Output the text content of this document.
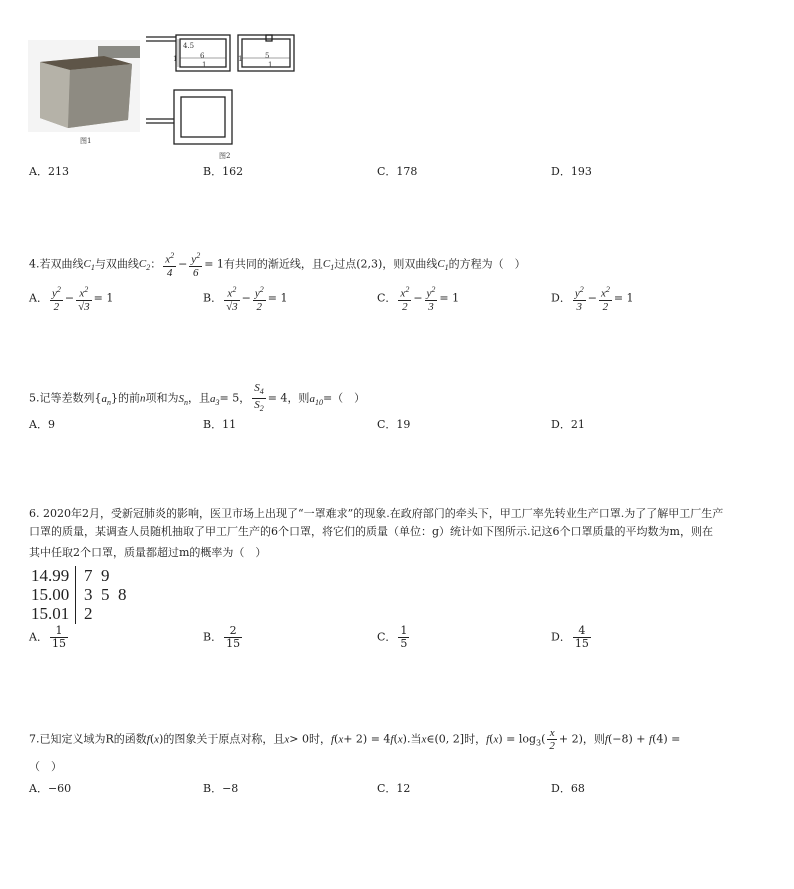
图1
4.5
6	5
1	1
1	1
图2
A．213	B．162	C．178	D．193
4.若双曲线$C_1$与双曲线$C_2$： $\frac{x^2}{4} - \frac{y^2}{6} = 1$有共同的渐近线，且$C_1$过点(2,3)，则双曲线$C_1$的方程为（　）
A． $\frac{y^2}{2} - \frac{x^2}{√3} = 1$	B． $\frac{x^2}{√3} - \frac{y^2}{2} = 1$	C． $\frac{x^2}{2} - \frac{y^2}{3} = 1$	D． $\frac{y^2}{3} - \frac{x^2}{2} = 1$
5.记等差数列$\{a_n\}$的前n项和为$S_n$，且$a_3= 5$， $\frac{S_4}{S_2} = 4$，则$a_{10}=$（　）
A．9	B．11	C．19	D．21
6. 2020年2月，受新冠肺炎的影响，医卫市场上出现了“一罩难求”的现象.在政府部门的牵头下，甲工厂率先转业生产口罩.为了了解甲工厂生产
口罩的质量，某调查人员随机抽取了甲工厂生产的6个口罩，将它们的质量（单位：g）统计如下图所示.记这6个口罩质量的平均数为m，则在
其中任取2个口罩，质量都超过m的概率为（　）
14.99 7  9
15.00 3  5  8
15.01 2
A． $\frac{1}{15}$	B． $\frac{2}{15}$	C． $\frac{1}{5}$	D． $\frac{4}{15}$
7.已知定义域为R的函数f(x)的图象关于原点对称，且x> 0时，f(x+ 2) = 4f(x).当x∈(0, 2]时，$f(x) = \log_3( \frac{x}{2} + 2)$，则f(−8) + f(4) =
（　）
A．−60	B．−8	C．12	D．68
